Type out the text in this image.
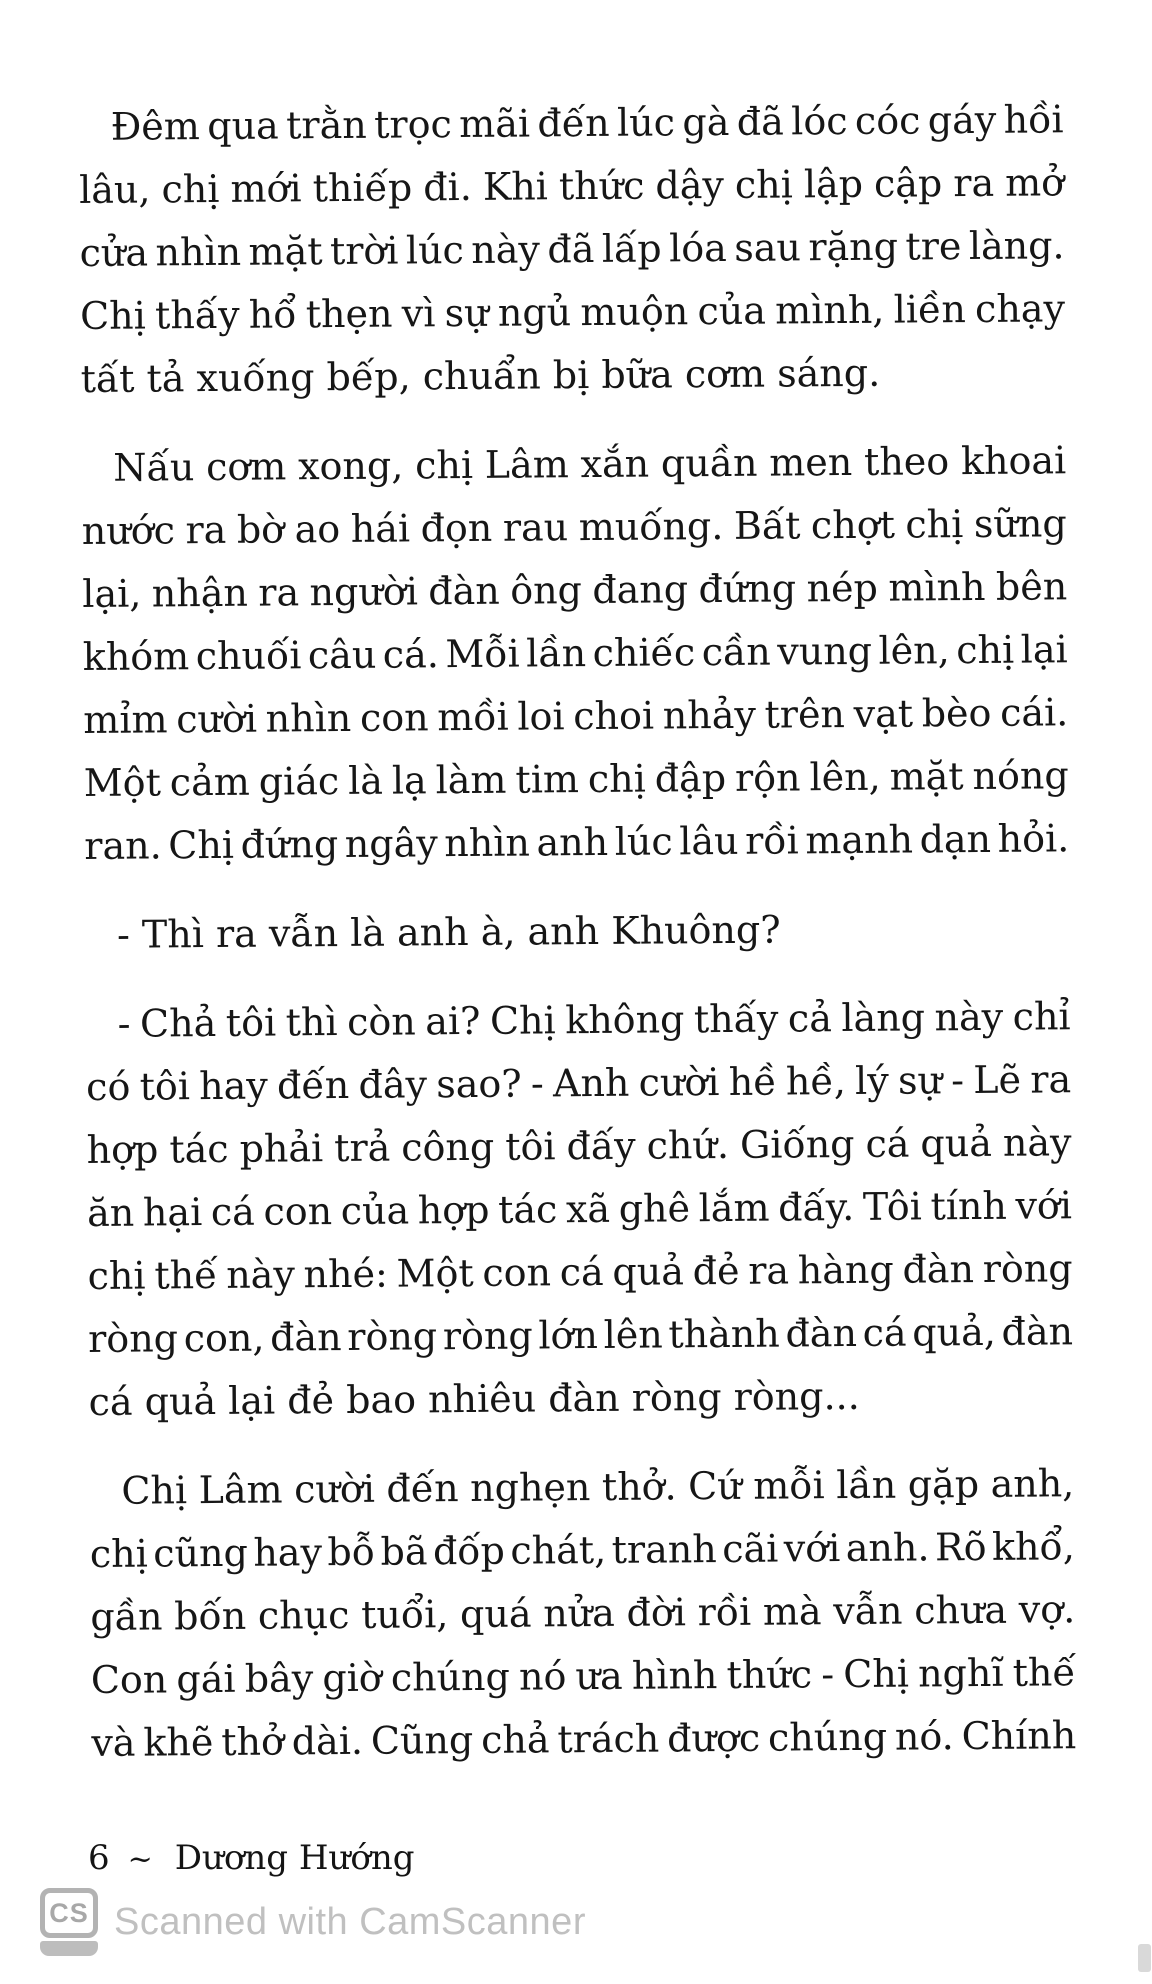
Đêm qua trằn trọc mãi đến lúc gà đã lóc cóc gáy hồi
lâu, chị mới thiếp đi. Khi thức dậy chị lập cập ra mở
cửa nhìn mặt trời lúc này đã lấp lóa sau rặng tre làng.
Chị thấy hổ thẹn vì sự ngủ muộn của mình, liền chạy
tất tả xuống bếp, chuẩn bị bữa cơm sáng.
Nấu cơm xong, chị Lâm xắn quần men theo khoai
nước ra bờ ao hái đọn rau muống. Bất chợt chị sững
lại, nhận ra người đàn ông đang đứng nép mình bên
khóm chuối câu cá. Mỗi lần chiếc cần vung lên, chị lại
mỉm cười nhìn con mồi loi choi nhảy trên vạt bèo cái.
Một cảm giác là lạ làm tim chị đập rộn lên, mặt nóng
ran. Chị đứng ngây nhìn anh lúc lâu rồi mạnh dạn hỏi.
- Thì ra vẫn là anh à, anh Khuông?
- Chả tôi thì còn ai? Chị không thấy cả làng này chỉ
có tôi hay đến đây sao? - Anh cười hề hề, lý sự - Lẽ ra
hợp tác phải trả công tôi đấy chứ. Giống cá quả này
ăn hại cá con của hợp tác xã ghê lắm đấy. Tôi tính với
chị thế này nhé: Một con cá quả đẻ ra hàng đàn ròng
ròng con, đàn ròng ròng lớn lên thành đàn cá quả, đàn
cá quả lại đẻ bao nhiêu đàn ròng ròng...
Chị Lâm cười đến nghẹn thở. Cứ mỗi lần gặp anh,
chị cũng hay bỗ bã đốp chát, tranh cãi với anh. Rõ khổ,
gần bốn chục tuổi, quá nửa đời rồi mà vẫn chưa vợ.
Con gái bây giờ chúng nó ưa hình thức - Chị nghĩ thế
và khẽ thở dài. Cũng chả trách được chúng nó. Chính
6 ~ Dương Hướng
CS Scanned with CamScanner
